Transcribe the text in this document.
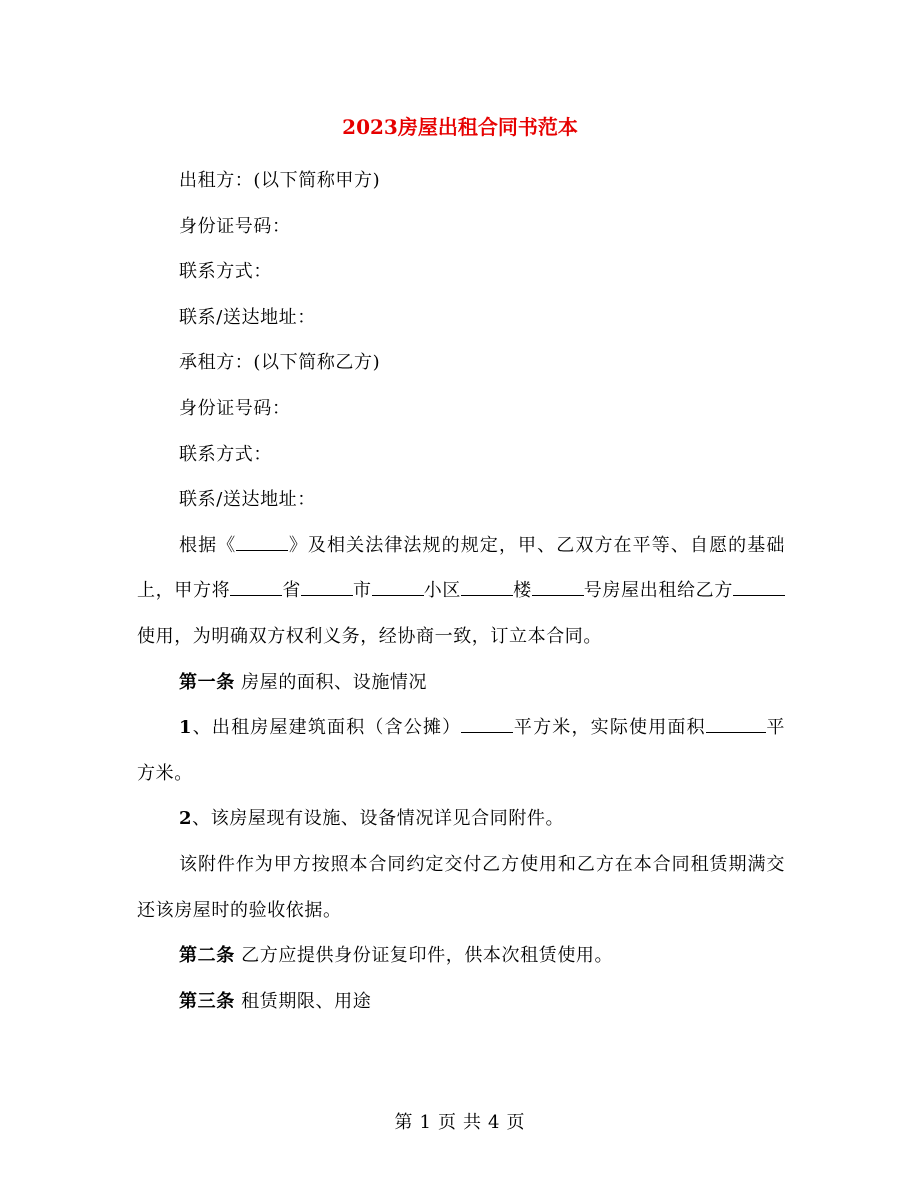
2023房屋出租合同书范本

出租方：(以下简称甲方)

身份证号码：

联系方式：

联系/送达地址：

承租方：(以下简称乙方)

身份证号码：

联系方式：

联系/送达地址：

根据《	》及相关法律法规的规定，甲、乙双方在平等、自愿的基础上，甲方将	省	市	小区	楼	号房屋出租给乙方使用，为明确双方权利义务，经协商一致，订立本合同。

第一条 房屋的面积、设施情况

1、出租房屋建筑面积（含公摊）	平方米，实际使用面积	平方米。

2、该房屋现有设施、设备情况详见合同附件。

该附件作为甲方按照本合同约定交付乙方使用和乙方在本合同租赁期满交还该房屋时的验收依据。

第二条 乙方应提供身份证复印件，供本次租赁使用。

第三条 租赁期限、用途

第 1 页 共 4 页
